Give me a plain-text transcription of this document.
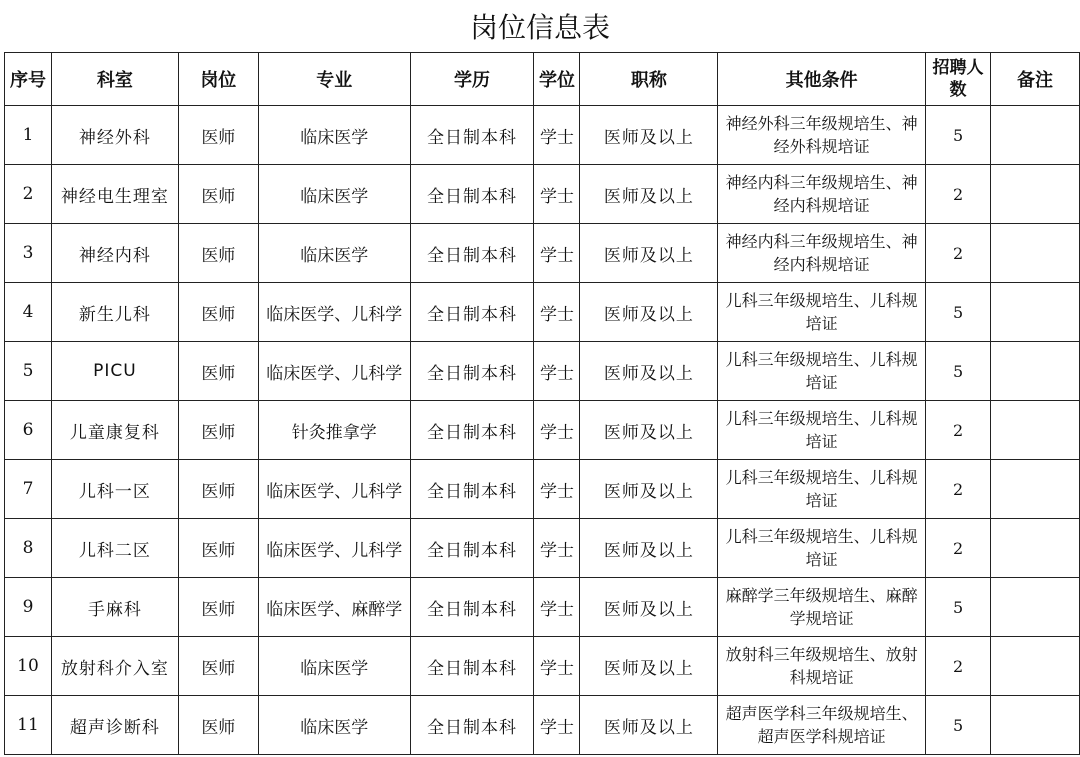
岗位信息表
序号	科室	岗位	专业	学历	学位	职称	其他条件	招聘人数	备注
1	神经外科	医师	临床医学	全日制本科	学士	医师及以上	神经外科三年级规培生、神经外科规培证	5	
2	神经电生理室	医师	临床医学	全日制本科	学士	医师及以上	神经内科三年级规培生、神经内科规培证	2	
3	神经内科	医师	临床医学	全日制本科	学士	医师及以上	神经内科三年级规培生、神经内科规培证	2	
4	新生儿科	医师	临床医学、儿科学	全日制本科	学士	医师及以上	儿科三年级规培生、儿科规培证	5	
5	PICU	医师	临床医学、儿科学	全日制本科	学士	医师及以上	儿科三年级规培生、儿科规培证	5	
6	儿童康复科	医师	针灸推拿学	全日制本科	学士	医师及以上	儿科三年级规培生、儿科规培证	2	
7	儿科一区	医师	临床医学、儿科学	全日制本科	学士	医师及以上	儿科三年级规培生、儿科规培证	2	
8	儿科二区	医师	临床医学、儿科学	全日制本科	学士	医师及以上	儿科三年级规培生、儿科规培证	2	
9	手麻科	医师	临床医学、麻醉学	全日制本科	学士	医师及以上	麻醉学三年级规培生、麻醉学规培证	5	
10	放射科介入室	医师	临床医学	全日制本科	学士	医师及以上	放射科三年级规培生、放射科规培证	2	
11	超声诊断科	医师	临床医学	全日制本科	学士	医师及以上	超声医学科三年级规培生、超声医学科规培证	5	
